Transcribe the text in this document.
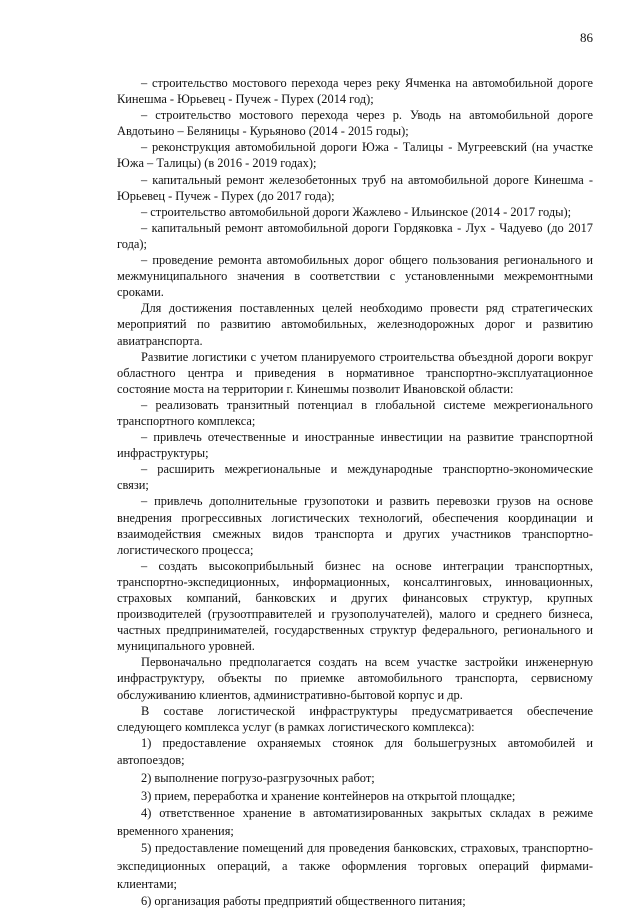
86

– строительство мостового перехода через реку Ячменка на автомобильной дороге Кинешма - Юрьевец - Пучеж - Пурех (2014 год);

– строительство мостового перехода через р. Уводь на автомобильной дороге Авдотьино – Беляницы - Курьяново (2014 - 2015 годы);

– реконструкция автомобильной дороги Южа - Талицы - Мугреевский (на участке Южа – Талицы) (в 2016 - 2019 годах);

– капитальный ремонт железобетонных труб на автомобильной дороге Кинешма - Юрьевец - Пучеж - Пурех (до 2017 года);

– строительство автомобильной дороги Жажлево - Ильинское (2014 - 2017 годы);

– капитальный ремонт автомобильной дороги Гордяковка - Лух - Чадуево (до 2017 года);

– проведение ремонта автомобильных дорог общего пользования регионального и межмуниципального значения в соответствии с установленными межремонтными сроками.

Для достижения поставленных целей необходимо провести ряд стратегических мероприятий по развитию автомобильных, железнодорожных дорог и развитию авиатранспорта.

Развитие логистики с учетом планируемого строительства объездной дороги вокруг областного центра и приведения в нормативное транспортно-эксплуатационное состояние моста на территории г. Кинешмы позволит Ивановской области:

– реализовать транзитный потенциал в глобальной системе межрегионального транспортного комплекса;

– привлечь отечественные и иностранные инвестиции на развитие транспортной инфраструктуры;

– расширить межрегиональные и международные транспортно-экономические связи;

– привлечь дополнительные грузопотоки и развить перевозки грузов на основе внедрения прогрессивных логистических технологий, обеспечения координации и взаимодействия смежных видов транспорта и других участников транспортно-логистического процесса;

– создать высокоприбыльный бизнес на основе интеграции транспортных, транспортно-экспедиционных, информационных, консалтинговых, инновационных, страховых компаний, банковских и других финансовых структур, крупных производителей (грузоотправителей и грузополучателей), малого и среднего бизнеса, частных предпринимателей, государственных структур федерального, регионального и муниципального уровней.

Первоначально предполагается создать на всем участке застройки инженерную инфраструктуру, объекты по приемке автомобильного транспорта, сервисному обслуживанию клиентов, административно-бытовой корпус и др.

В составе логистической инфраструктуры предусматривается обеспечение следующего комплекса услуг (в рамках логистического комплекса):

1) предоставление охраняемых стоянок для большегрузных автомобилей и автопоездов;

2) выполнение погрузо-разгрузочных работ;

3) прием, переработка и хранение контейнеров на открытой площадке;

4) ответственное хранение в автоматизированных закрытых складах в режиме временного хранения;

5) предоставление помещений для проведения банковских, страховых, транспортно-экспедиционных операций, а также оформления торговых операций фирмами-клиентами;

6) организация работы предприятий общественного питания;
